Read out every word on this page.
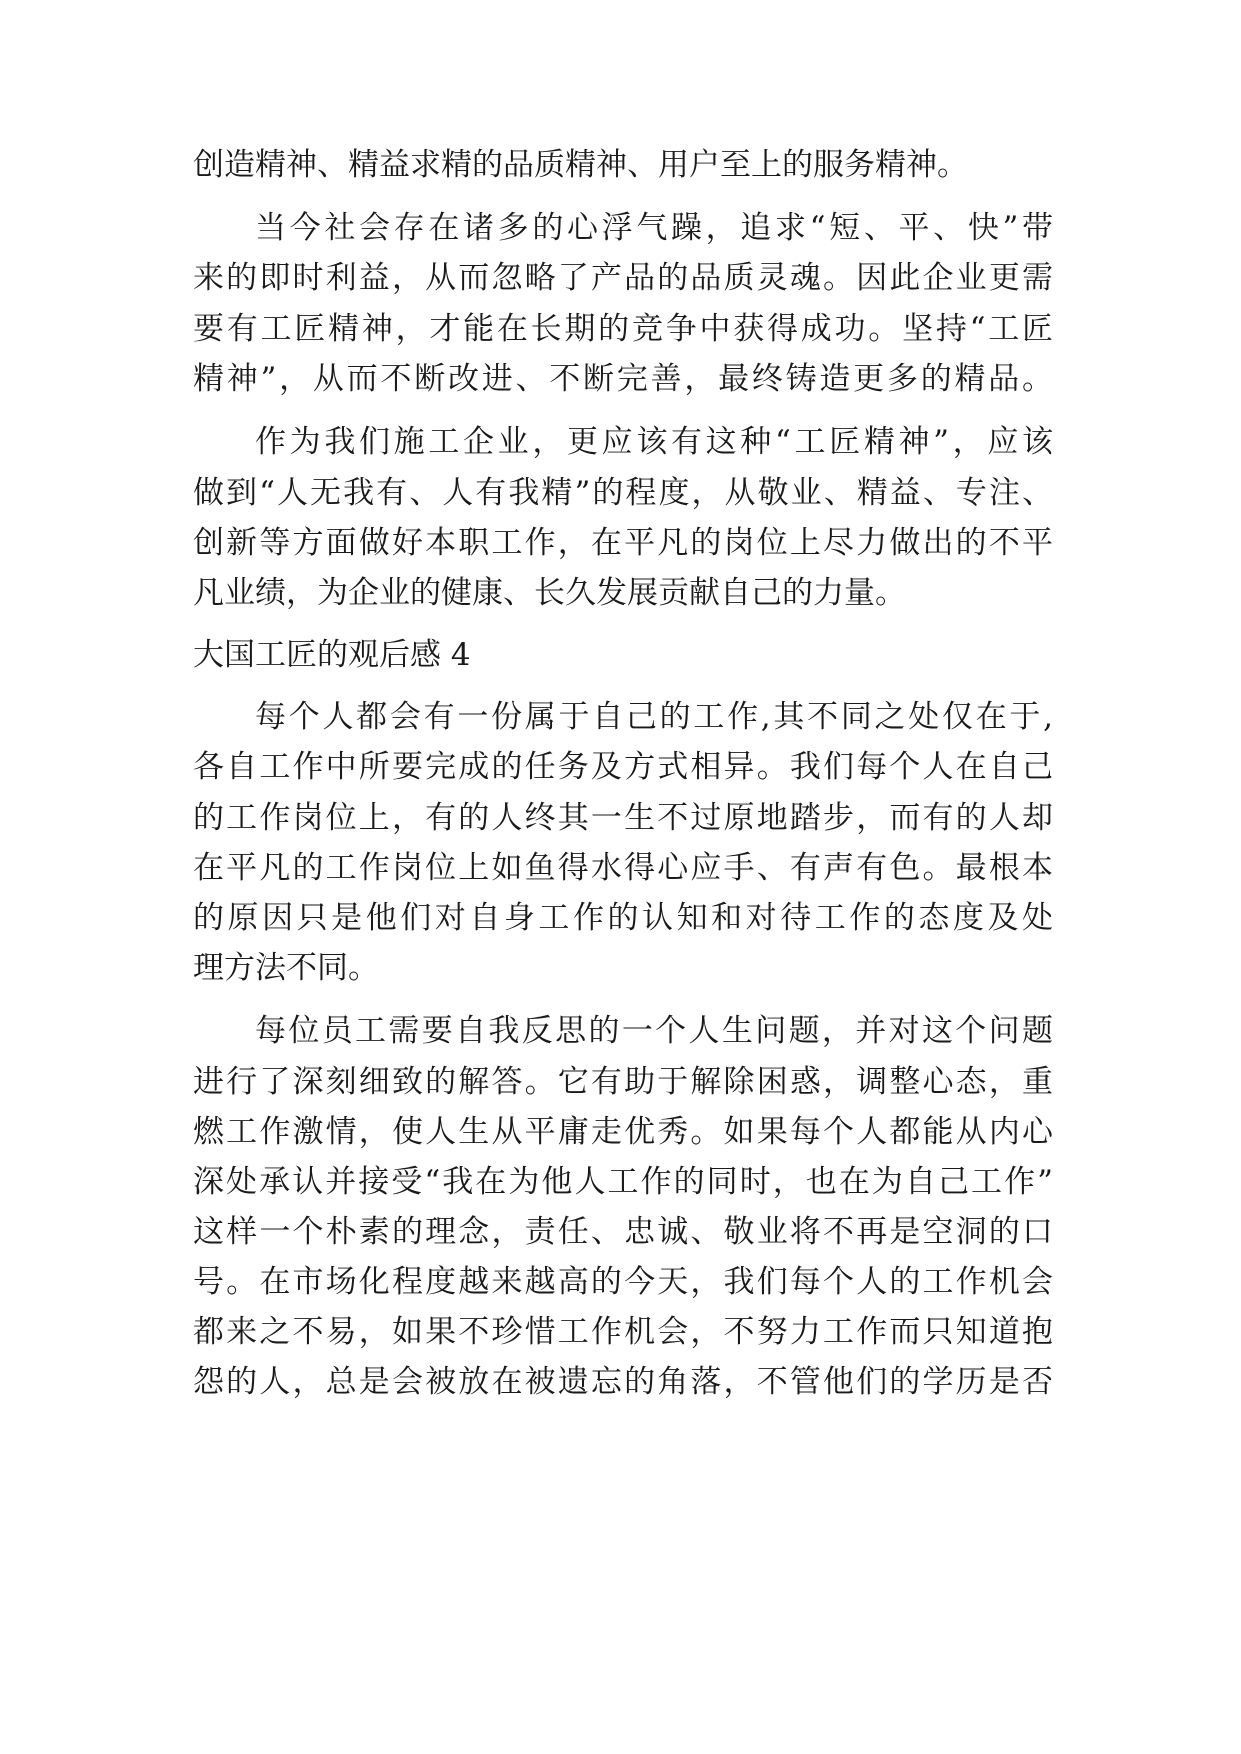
创造精神、精益求精的品质精神、用户至上的服务精神。
当今社会存在诸多的心浮气躁，追求“短、平、快”带
来的即时利益，从而忽略了产品的品质灵魂。因此企业更需
要有工匠精神，才能在长期的竞争中获得成功。坚持“工匠
精神”，从而不断改进、不断完善，最终铸造更多的精品。
作为我们施工企业，更应该有这种“工匠精神”，应该
做到“人无我有、人有我精”的程度，从敬业、精益、专注、
创新等方面做好本职工作，在平凡的岗位上尽力做出的不平
凡业绩，为企业的健康、长久发展贡献自己的力量。
大国工匠的观后感 4
每个人都会有一份属于自己的工作,其不同之处仅在于,
各自工作中所要完成的任务及方式相异。我们每个人在自己
的工作岗位上，有的人终其一生不过原地踏步，而有的人却
在平凡的工作岗位上如鱼得水得心应手、有声有色。最根本
的原因只是他们对自身工作的认知和对待工作的态度及处
理方法不同。
每位员工需要自我反思的一个人生问题，并对这个问题
进行了深刻细致的解答。它有助于解除困惑，调整心态，重
燃工作激情，使人生从平庸走优秀。如果每个人都能从内心
深处承认并接受“我在为他人工作的同时，也在为自己工作”
这样一个朴素的理念，责任、忠诚、敬业将不再是空洞的口
号。在市场化程度越来越高的今天，我们每个人的工作机会
都来之不易，如果不珍惜工作机会，不努力工作而只知道抱
怨的人，总是会被放在被遗忘的角落，不管他们的学历是否
